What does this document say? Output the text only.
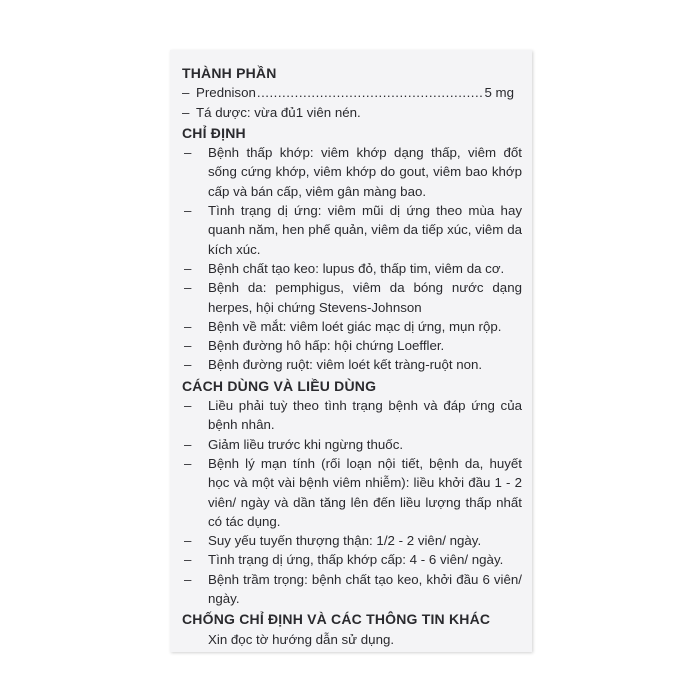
THÀNH PHẦN
– Prednison
.....	5 mg
– Tá dược: vừa đủ1 viên nén.
CHỈ ĐỊNH
– Bệnh thấp khớp: viêm khớp dạng thấp, viêm đốt sống cứng khớp, viêm khớp do gout, viêm bao khớp cấp và bán cấp, viêm gân màng bao.
– Tình trạng dị ứng: viêm mũi dị ứng theo mùa hay quanh năm, hen phế quản, viêm da tiếp xúc, viêm da kích xúc.
– Bệnh chất tạo keo: lupus đỏ, thấp tim, viêm da cơ.
– Bệnh da: pemphigus, viêm da bóng nước dạng herpes, hội chứng Stevens-Johnson
– Bệnh về mắt: viêm loét giác mạc dị ứng, mụn rộp.
– Bệnh đường hô hấp: hội chứng Loeffler.
– Bệnh đường ruột: viêm loét kết tràng-ruột non.
CÁCH DÙNG VÀ LIỀU DÙNG
– Liều phải tuỳ theo tình trạng bệnh và đáp ứng của bệnh nhân.
– Giảm liều trước khi ngừng thuốc.
– Bệnh lý mạn tính (rối loạn nội tiết, bệnh da, huyết học và một vài bệnh viêm nhiễm): liều khởi đầu 1 - 2 viên/ ngày và dần tăng lên đến liều lượng thấp nhất có tác dụng.
– Suy yếu tuyến thượng thận: 1/2 - 2 viên/ ngày.
– Tình trạng dị ứng, thấp khớp cấp: 4 - 6 viên/ ngày.
– Bệnh trầm trọng: bệnh chất tạo keo, khởi đầu 6 viên/ ngày.
CHỐNG CHỈ ĐỊNH VÀ CÁC THÔNG TIN KHÁC
Xin đọc tờ hướng dẫn sử dụng.
